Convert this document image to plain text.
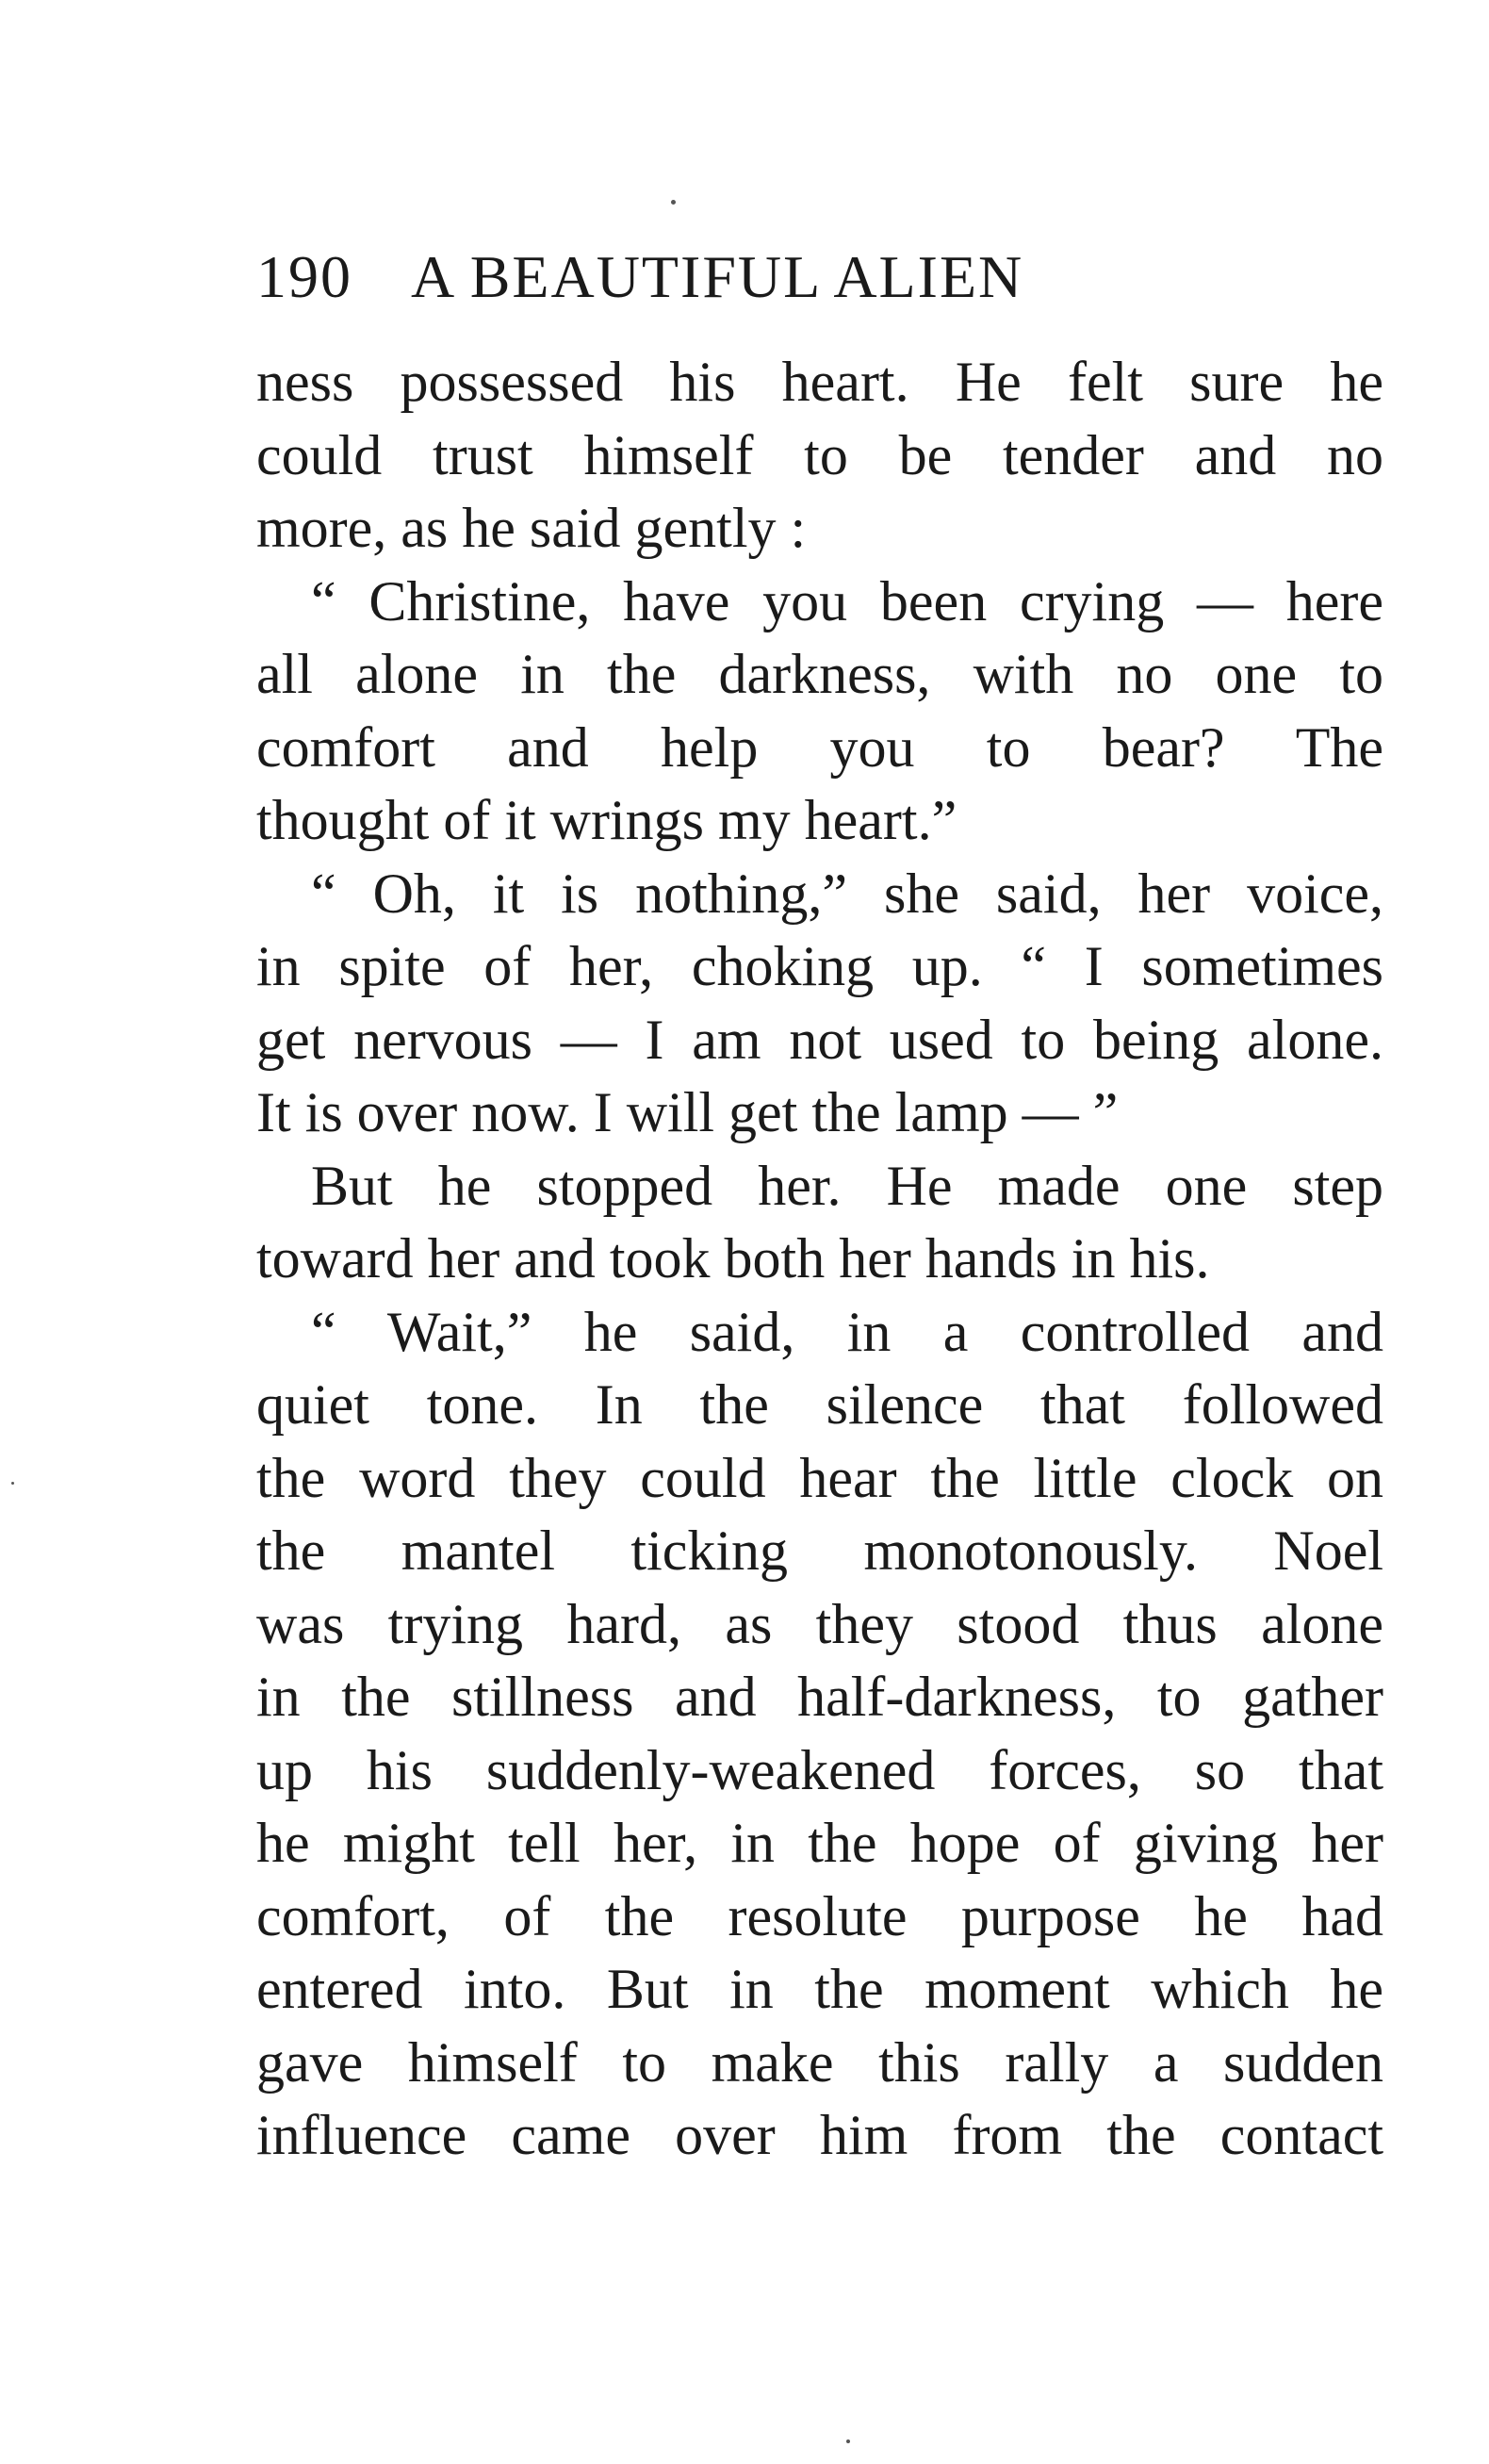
190 A BEAUTIFUL ALIEN
ness possessed his heart. He felt sure he
could trust himself to be tender and no
more, as he said gently :
“ Christine, have you been crying — here
all alone in the darkness, with no one to
comfort and help you to bear? The
thought of it wrings my heart.”
“ Oh, it is nothing,” she said, her voice,
in spite of her, choking up. “ I sometimes
get nervous — I am not used to being alone.
It is over now. I will get the lamp — ”
But he stopped her. He made one step
toward her and took both her hands in his.
“ Wait,” he said, in a controlled and
quiet tone. In the silence that followed
the word they could hear the little clock on
the mantel ticking monotonously. Noel
was trying hard, as they stood thus alone
in the stillness and half-darkness, to gather
up his suddenly-weakened forces, so that
he might tell her, in the hope of giving her
comfort, of the resolute purpose he had
entered into. But in the moment which he
gave himself to make this rally a sudden
influence came over him from the contact
